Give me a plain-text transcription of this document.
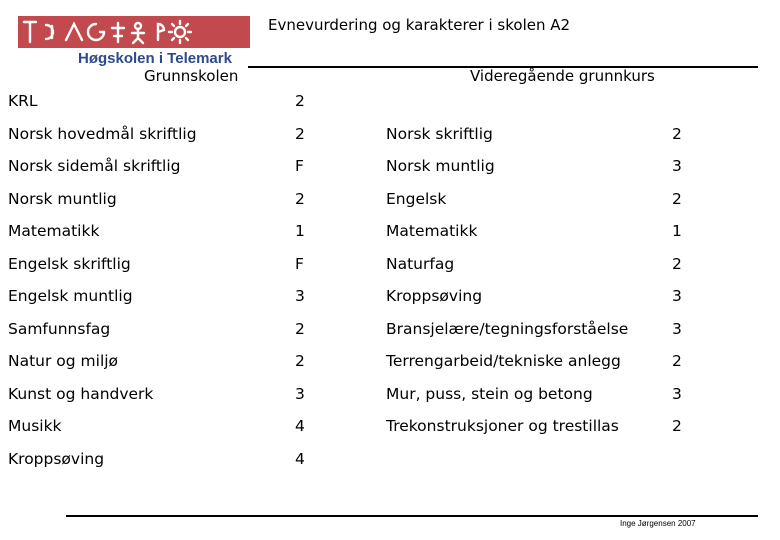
Høgskolen i Telemark
Evnevurdering og karakterer i skolen A2
Grunnskolen	Videregående grunnkurs
KRL	2
Norsk hovedmål skriftlig	2	Norsk skriftlig	2
Norsk sidemål skriftlig	F	Norsk muntlig	3
Norsk muntlig	2	Engelsk	2
Matematikk	1	Matematikk	1
Engelsk skriftlig	F	Naturfag	2
Engelsk muntlig	3	Kroppsøving	3
Samfunnsfag	2	Bransjelære/tegningsforståelse	3
Natur og miljø	2	Terrengarbeid/tekniske anlegg	2
Kunst og handverk	3	Mur, puss, stein og betong	3
Musikk	4	Trekonstruksjoner og trestillas	2
Kroppsøving	4
Inge Jørgensen 2007
